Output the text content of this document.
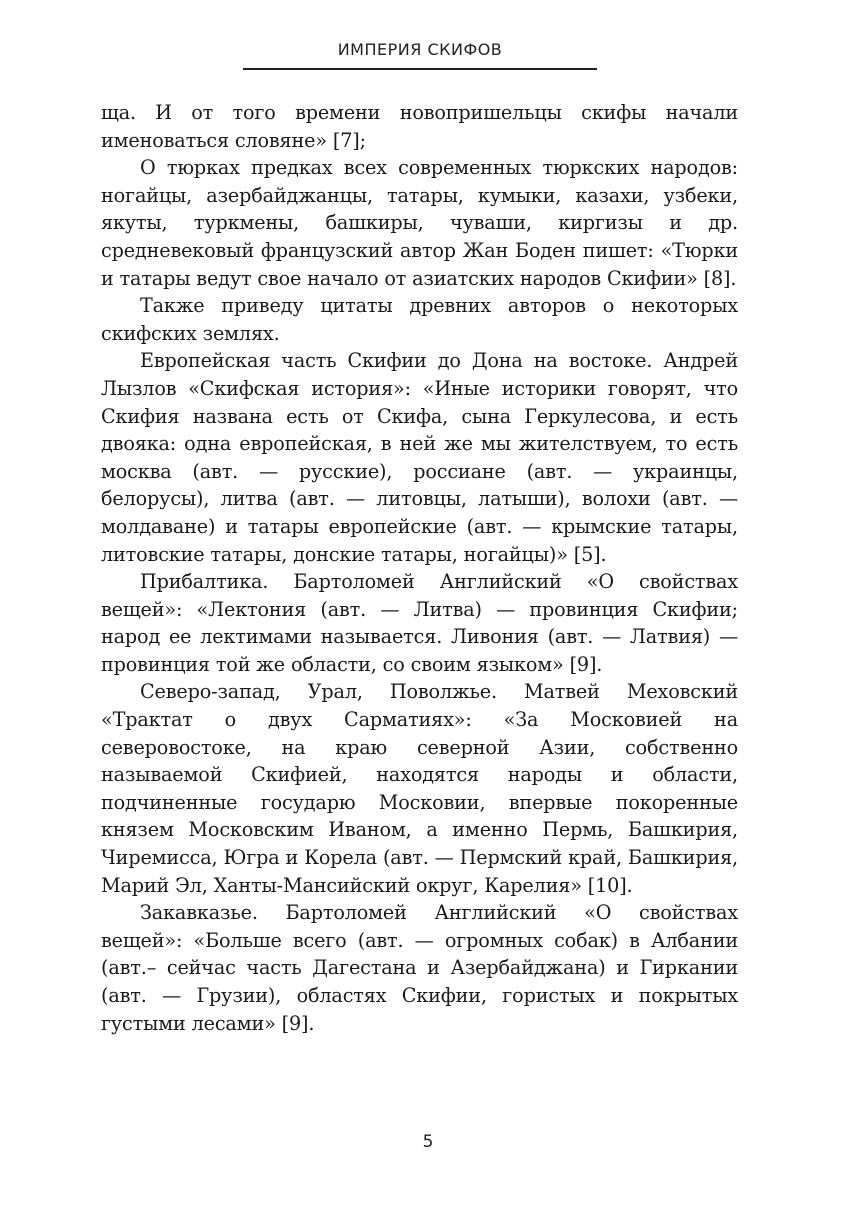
ИМПЕРИЯ СКИФОВ

ща. И от того времени новопришельцы скифы начали именоваться словяне» [7];

О тюрках предках всех современных тюркских народов: ногайцы, азербайджанцы, татары, кумыки, казахи, узбеки, якуты, туркмены, башкиры, чуваши, киргизы и др. средневековый французский автор Жан Боден пишет: «Тюрки и татары ведут свое начало от азиатских народов Скифии» [8].

Также приведу цитаты древних авторов о некоторых скифских землях.

Европейская часть Скифии до Дона на востоке. Андрей Лызлов «Скифская история»: «Иные историки говорят, что Скифия названа есть от Скифа, сына Геркулесова, и есть двояка: одна европейская, в ней же мы жителствуем, то есть москва (авт. — русские), россиане (авт. — украинцы, белорусы), литва (авт. — литовцы, латыши), волохи (авт. — молдаване) и татары европейские (авт. — крымские татары, литовские татары, донские татары, ногайцы)» [5].

Прибалтика. Бартоломей Английский «О свойствах вещей»: «Лектония (авт. — Литва) — провинция Скифии; народ ее лектимами называется. Ливония (авт. — Латвия) — провинция той же области, со своим языком» [9].

Северо-запад, Урал, Поволжье. Матвей Меховский «Трактат о двух Сарматиях»: «За Московией на северовостоке, на краю северной Азии, собственно называемой Скифией, находятся народы и области, подчиненные государю Московии, впервые покоренные князем Московским Иваном, а именно Пермь, Башкирия, Чиремисса, Югра и Корела (авт. — Пермский край, Башкирия, Марий Эл, Ханты-Мансийский округ, Карелия» [10].

Закавказье. Бартоломей Английский «О свойствах вещей»: «Больше всего (авт. — огромных собак) в Албании (авт.– сейчас часть Дагестана и Азербайджана) и Гиркании (авт. — Грузии), областях Скифии, гористых и покрытых густыми лесами» [9].

5
